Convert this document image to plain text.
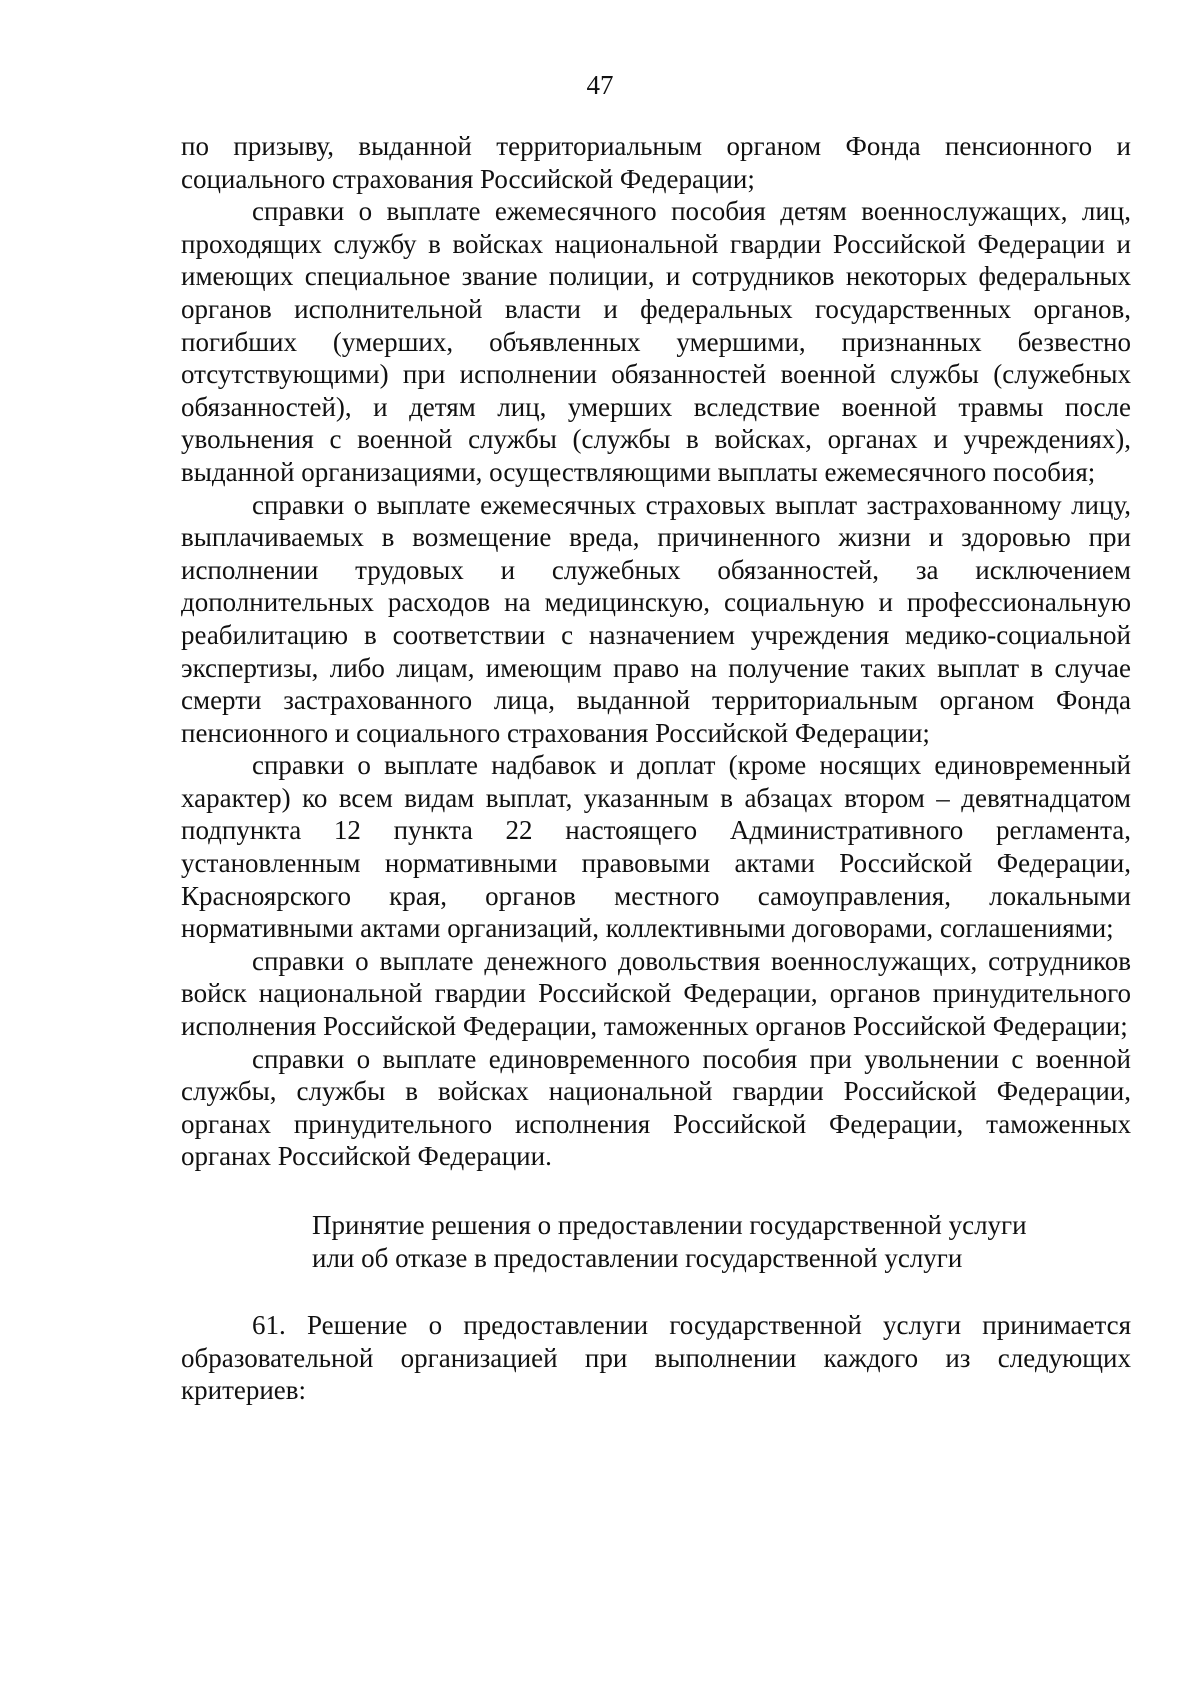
47

по призыву, выданной территориальным органом Фонда пенсионного и социального страхования Российской Федерации;

справки о выплате ежемесячного пособия детям военнослужащих, лиц, проходящих службу в войсках национальной гвардии Российской Федерации и имеющих специальное звание полиции, и сотрудников некоторых федеральных органов исполнительной власти и федеральных государственных органов, погибших (умерших, объявленных умершими, признанных безвестно отсутствующими) при исполнении обязанностей военной службы (служебных обязанностей), и детям лиц, умерших вследствие военной травмы после увольнения с военной службы (службы в войсках, органах и учреждениях), выданной организациями, осуществляющими выплаты ежемесячного пособия;

справки о выплате ежемесячных страховых выплат застрахованному лицу, выплачиваемых в возмещение вреда, причиненного жизни и здоровью при исполнении трудовых и служебных обязанностей, за исключением дополнительных расходов на медицинскую, социальную и профессиональную реабилитацию в соответствии с назначением учреждения медико-социальной экспертизы, либо лицам, имеющим право на получение таких выплат в случае смерти застрахованного лица, выданной территориальным органом Фонда пенсионного и социального страхования Российской Федерации;

справки о выплате надбавок и доплат (кроме носящих единовременный характер) ко всем видам выплат, указанным в абзацах втором – девятнадцатом подпункта 12 пункта 22 настоящего Административного регламента, установленным нормативными правовыми актами Российской Федерации, Красноярского края, органов местного самоуправления, локальными нормативными актами организаций, коллективными договорами, соглашениями;

справки о выплате денежного довольствия военнослужащих, сотрудников войск национальной гвардии Российской Федерации, органов принудительного исполнения Российской Федерации, таможенных органов Российской Федерации;

справки о выплате единовременного пособия при увольнении с военной службы, службы в войсках национальной гвардии Российской Федерации, органах принудительного исполнения Российской Федерации, таможенных органах Российской Федерации.

Принятие решения о предоставлении государственной услуги
или об отказе в предоставлении государственной услуги

61. Решение о предоставлении государственной услуги принимается образовательной организацией при выполнении каждого из следующих критериев:
